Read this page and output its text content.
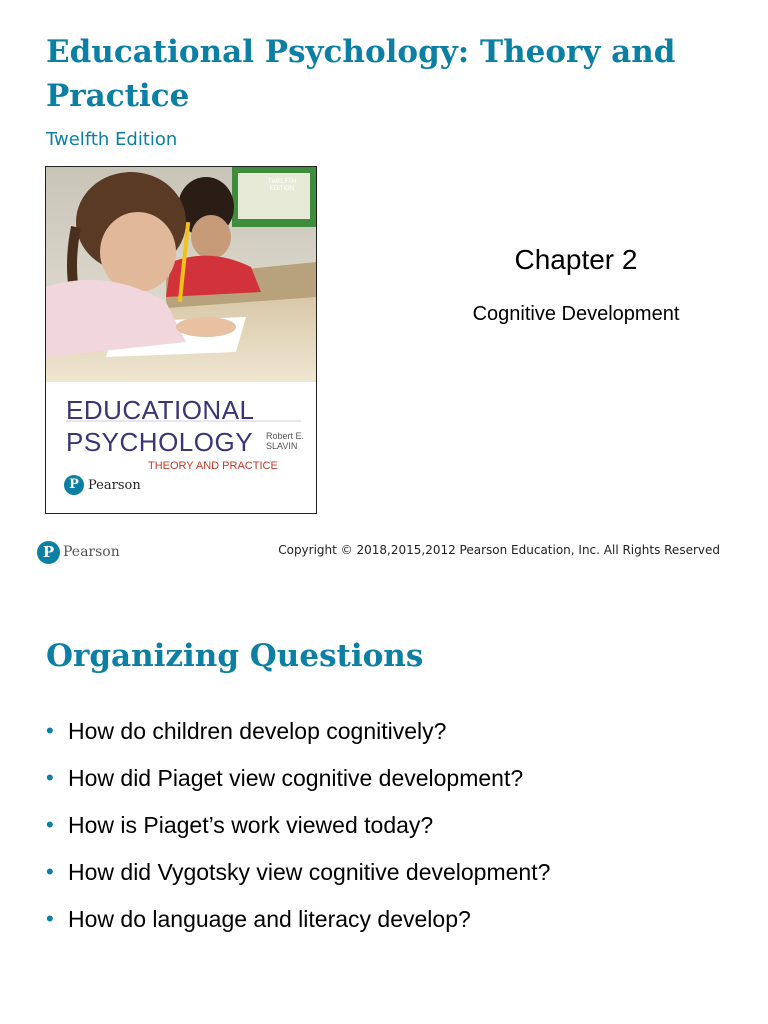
Educational Psychology: Theory and Practice

Twelfth Edition

TWELFTH
EDITION
EDUCATIONAL
PSYCHOLOGY Robert E.
SLAVIN
THEORY AND PRACTICE
P Pearson
Chapter 2

Cognitive Development

P Pearson	Copyright © 2018,2015,2012 Pearson Education, Inc. All Rights Reserved

Organizing Questions
• How do children develop cognitively?
• How did Piaget view cognitive development?
• How is Piaget’s work viewed today?
• How did Vygotsky view cognitive development?
• How do language and literacy develop?
